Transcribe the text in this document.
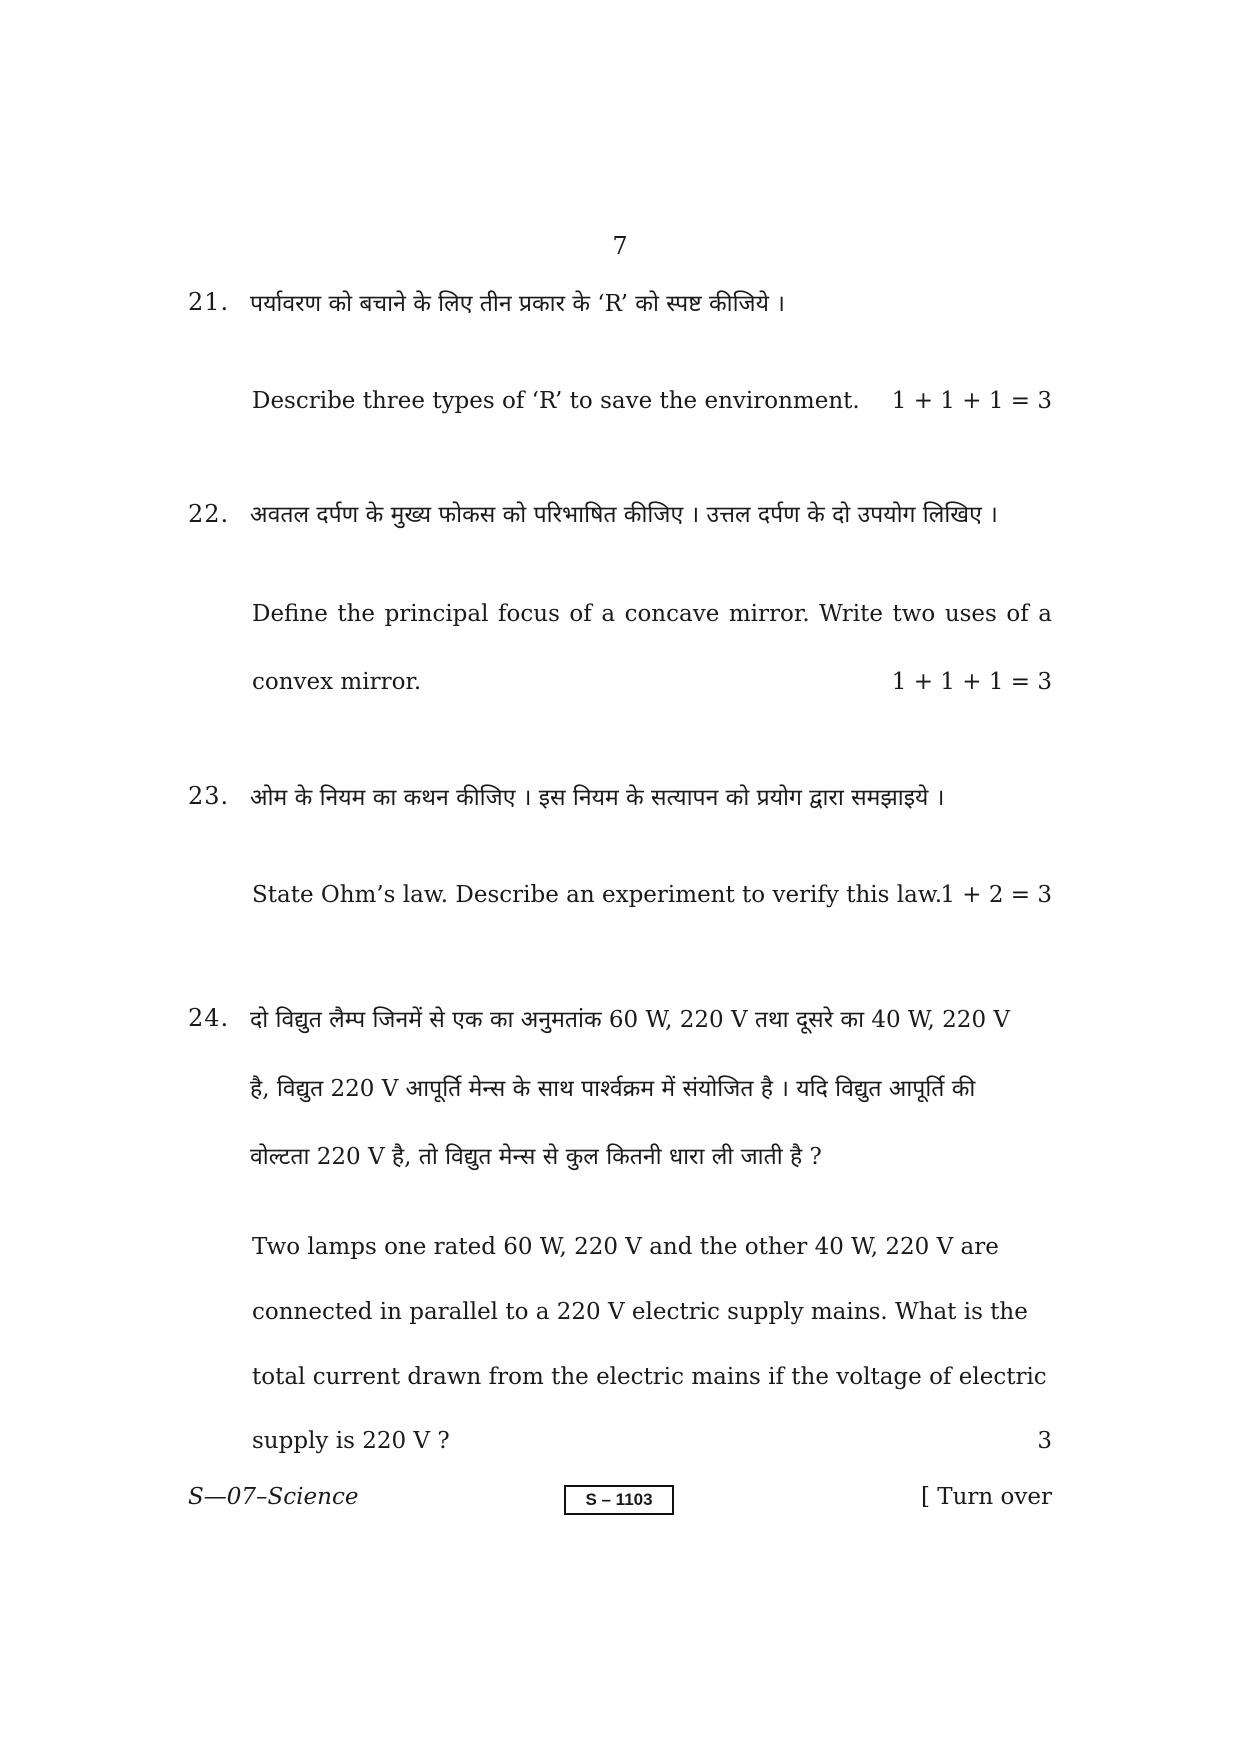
7
21. पर्यावरण को बचाने के लिए तीन प्रकार के ‘R’ को स्पष्ट कीजिये ।
Describe three types of ‘R’ to save the environment. 1 + 1 + 1 = 3
22. अवतल दर्पण के मुख्य फोकस को परिभाषित कीजिए । उत्तल दर्पण के दो उपयोग लिखिए ।
Define the principal focus of a concave mirror. Write two uses of a
convex mirror.	1 + 1 + 1 = 3
23. ओम के नियम का कथन कीजिए । इस नियम के सत्यापन को प्रयोग द्वारा समझाइये ।
State Ohm’s law. Describe an experiment to verify this law.
1 + 2 = 3
24. दो विद्युत लैम्प जिनमें से एक का अनुमतांक 60 W, 220 V तथा दूसरे का 40 W, 220 V
है, विद्युत 220 V आपूर्ति मेन्स के साथ पार्श्वक्रम में संयोजित है । यदि विद्युत आपूर्ति की
वोल्टता 220 V है, तो विद्युत मेन्स से कुल कितनी धारा ली जाती है ?
Two lamps one rated 60 W, 220 V and the other 40 W, 220 V are
connected in parallel to a 220 V electric supply mains. What is the
total current drawn from the electric mains if the voltage of electric
supply is 220 V ?	3
S—07–Science	S – 1103	[ Turn over
